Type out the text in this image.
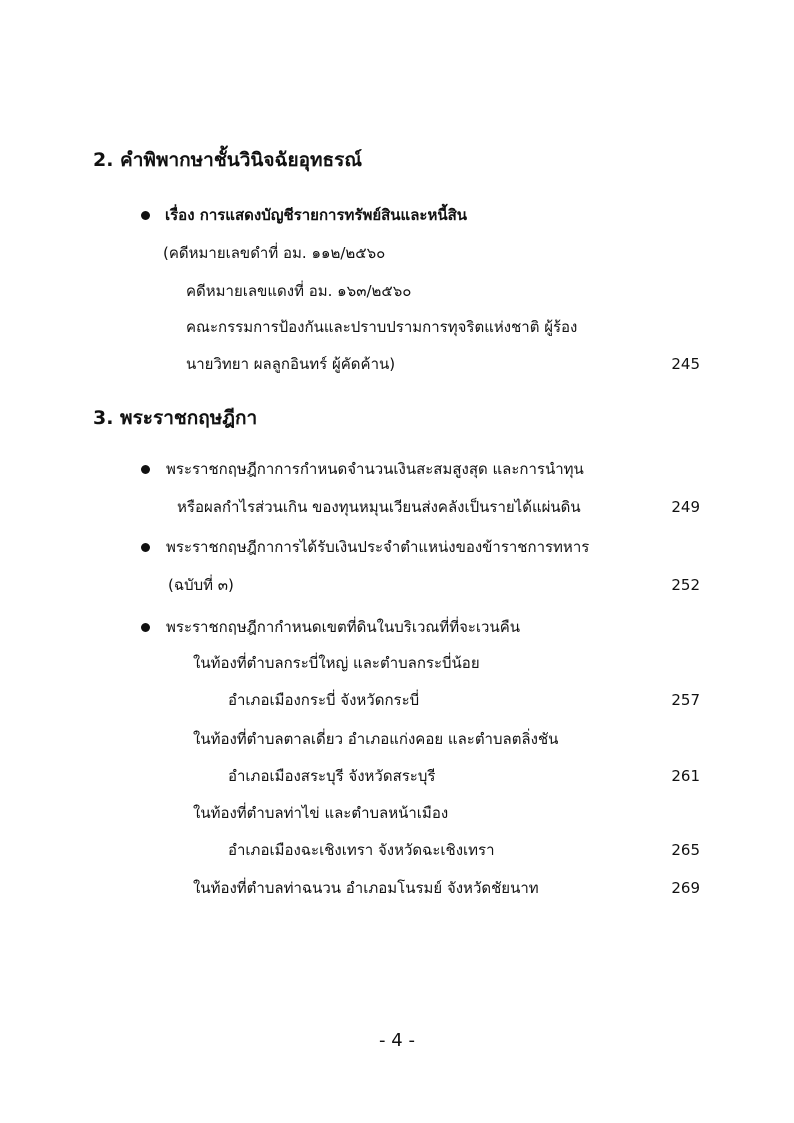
2. คำพิพากษาชั้นวินิจฉัยอุทธรณ์
เรื่อง การแสดงบัญชีรายการทรัพย์สินและหนี้สิน
(คดีหมายเลขดำที่ อม. ๑๑๒/๒๕๖๐
คดีหมายเลขแดงที่ อม. ๑๖๓/๒๕๖๐
คณะกรรมการป้องกันและปราบปรามการทุจริตแห่งชาติ ผู้ร้อง
นายวิทยา ผลลูกอินทร์ ผู้คัดค้าน)	245
3. พระราชกฤษฎีกา
พระราชกฤษฎีกาการกำหนดจำนวนเงินสะสมสูงสุด และการนำทุน
หรือผลกำไรส่วนเกิน ของทุนหมุนเวียนส่งคลังเป็นรายได้แผ่นดิน	249
พระราชกฤษฎีกาการได้รับเงินประจำตำแหน่งของข้าราชการทหาร
(ฉบับที่ ๓)	252
พระราชกฤษฎีกากำหนดเขตที่ดินในบริเวณที่ที่จะเวนคืน
ในท้องที่ตำบลกระบี่ใหญ่ และตำบลกระบี่น้อย
อำเภอเมืองกระบี่ จังหวัดกระบี่	257
ในท้องที่ตำบลตาลเดี่ยว อำเภอแก่งคอย และตำบลตลิ่งชัน
อำเภอเมืองสระบุรี จังหวัดสระบุรี	261
ในท้องที่ตำบลท่าไข่ และตำบลหน้าเมือง
อำเภอเมืองฉะเชิงเทรา จังหวัดฉะเชิงเทรา	265
ในท้องที่ตำบลท่าฉนวน อำเภอมโนรมย์ จังหวัดชัยนาท	269
- 4 -
